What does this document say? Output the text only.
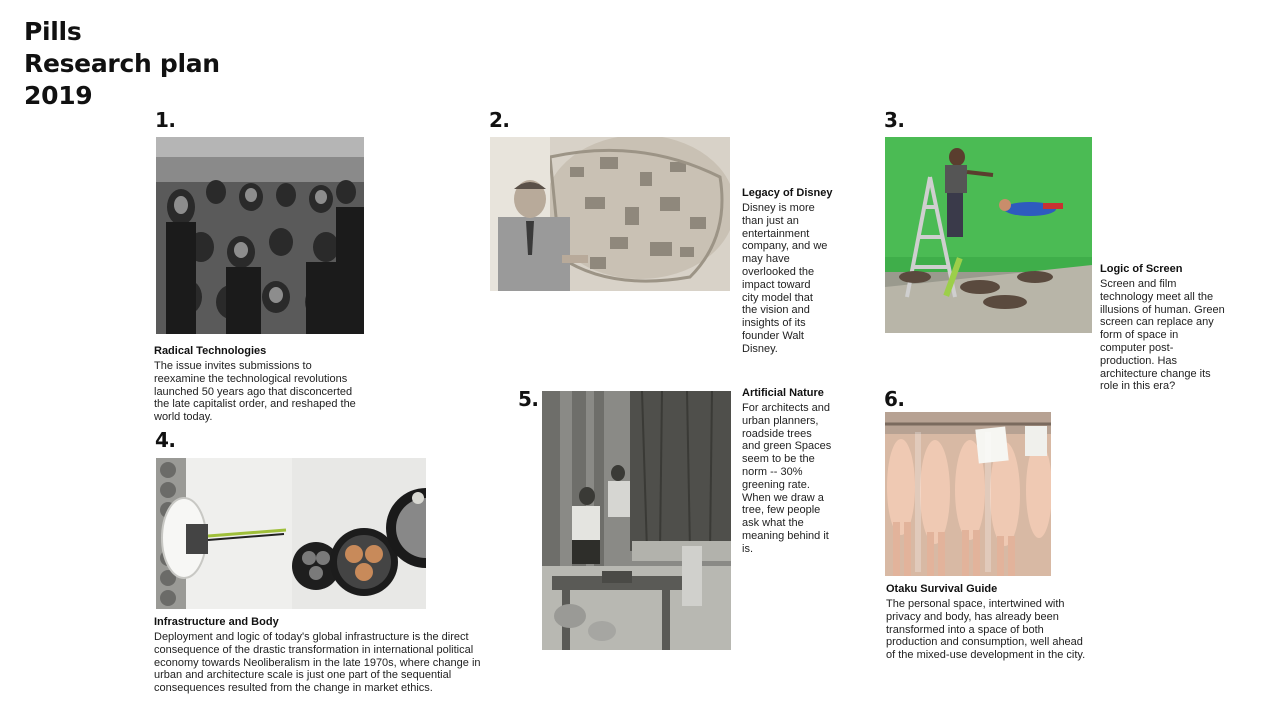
Pills
Research plan
2019
1.
Radical Technologies

The issue invites submissions to reexamine the technological revolutions launched 50 years ago that disconcerted the late capitalist order, and reshaped the world today.

2.
Legacy of Disney

Disney is more than just an entertainment company, and we may have overlooked the impact toward city model that the vision and insights of its founder Walt Disney.

3.
Logic of Screen

Screen and film technology meet all the illusions of human. Green screen can replace any form of space in computer post-production. Has architecture change its role in this era?

4.
Infrastructure and Body

Deployment and logic of today's global infrastructure is the direct consequence of the drastic transformation in international political economy towards Neoliberalism in the late 1970s, where change in urban and architecture scale is just one part of the sequential consequences resulted from the change in market ethics.

5.	Artificial Nature

For architects and urban planners, roadside trees and green Spaces seem to be the norm -- 30% greening rate. When we draw a tree, few people ask what the meaning behind it is.

6.
Otaku Survival Guide

The personal space, intertwined with privacy and body, has already been transformed into a space of both production and consumption, well ahead of the mixed-use development in the city.
